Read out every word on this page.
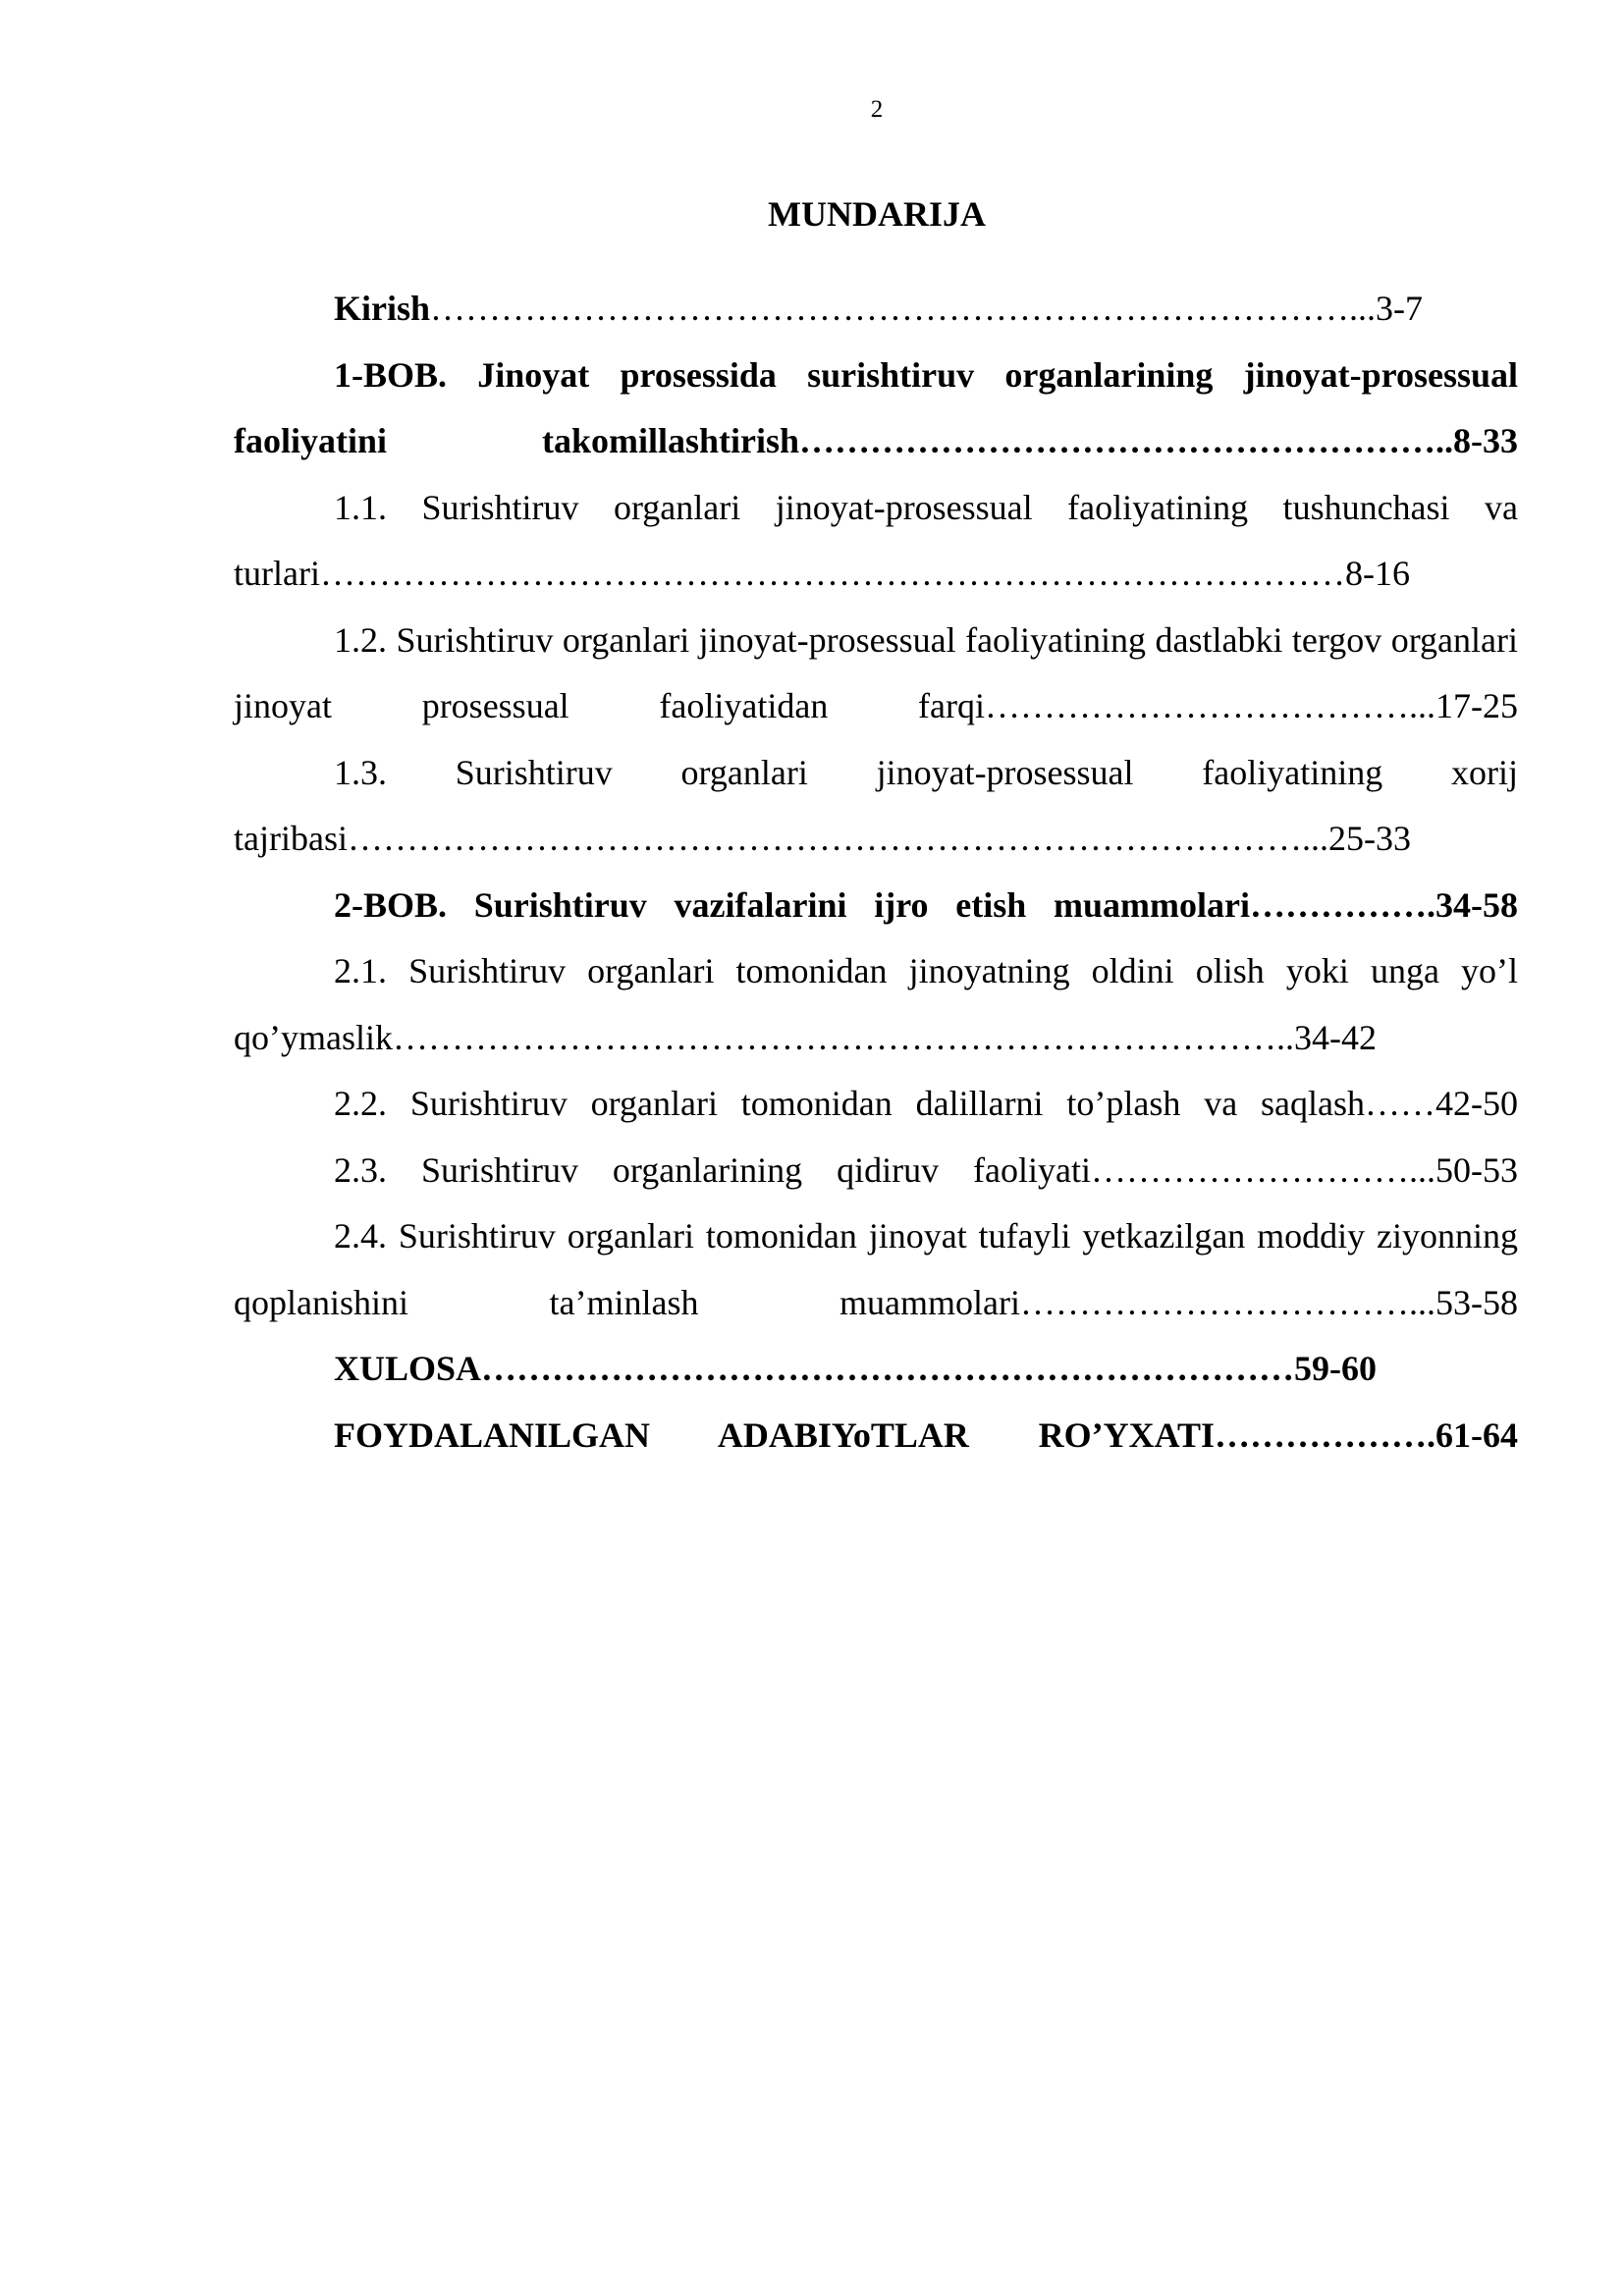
2
MUNDARIJA

Kirish……………………………………………………………………...3-7

1-BOB. Jinoyat prosessida surishtiruv organlarining jinoyat-prosessual faoliyatini takomillashtirish………………………………………………..8-33

1.1. Surishtiruv organlari jinoyat-prosessual faoliyatining tushunchasi va turlari……………………………………………………………………………8-16

1.2. Surishtiruv organlari jinoyat-prosessual faoliyatining dastlabki tergov organlari jinoyat prosessual faoliyatidan farqi………………………………...17-25

1.3. Surishtiruv organlari jinoyat-prosessual faoliyatining xorij tajribasi………………………………………………………………………...25-33

2-BOB. Surishtiruv vazifalarini ijro etish muammolari…………….34-58

2.1. Surishtiruv organlari tomonidan jinoyatning oldini olish yoki unga yo’l qo’ymaslik…………………………………………………………………..34-42

2.2. Surishtiruv organlari tomonidan dalillarni to’plash va saqlash……42-50

2.3. Surishtiruv organlarining qidiruv faoliyati………………………...50-53

2.4. Surishtiruv organlari tomonidan jinoyat tufayli yetkazilgan moddiy ziyonning qoplanishini ta’minlash muammolari……………………………...53-58

XULOSA……………………………………………………………59-60

FOYDALANILGAN ADABIYoTLAR RO’YXATI……………….61-64
